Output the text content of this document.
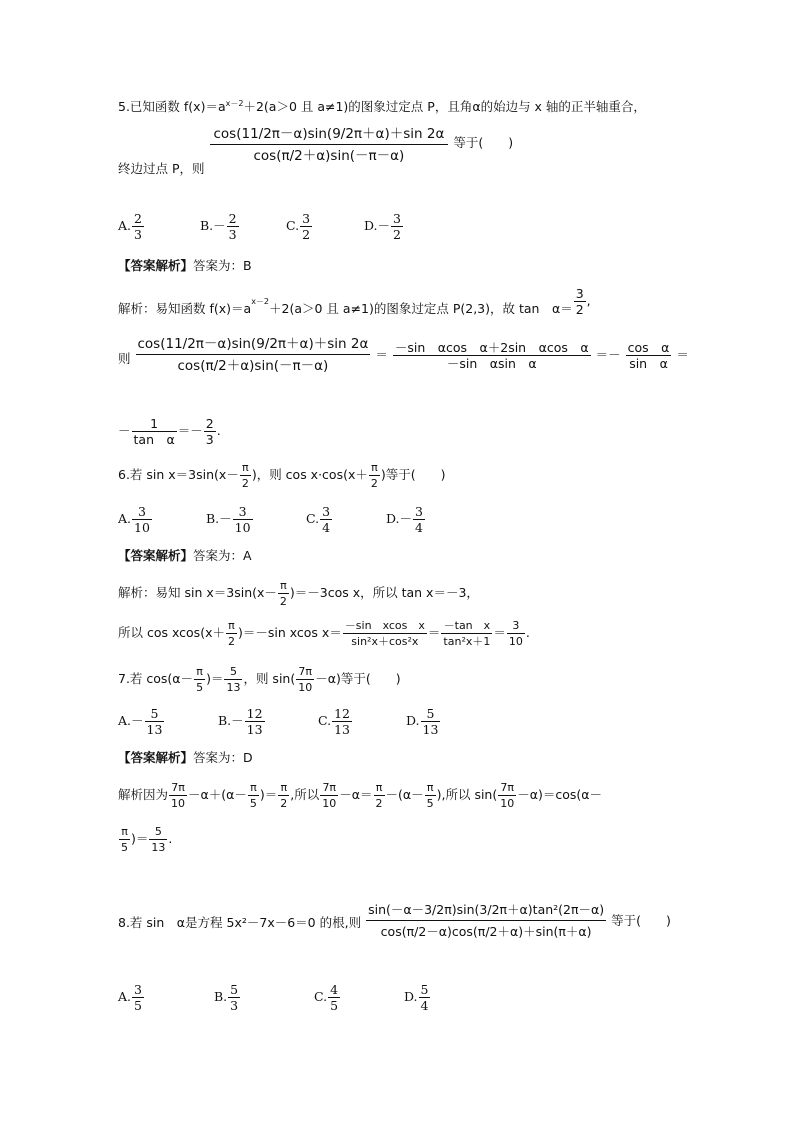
5.已知函数 $f(x)=a^{x-2}+2(a>0$ 且 a≠1)的图象过定点 P，且角α的始边与 x 轴的正半轴重合，
终边过点 P，则
$\frac{\cos(11/2\pi-\alpha)\sin(9/2\pi+\alpha)+\sin 2\alpha}{\cos(\pi/2+\alpha)\sin(-\pi-\alpha)}$ 等于(　　)
A. $\frac{2}{3}$	$B.- \frac{2}{3}$	C. $\frac{3}{2}$	$D.- \frac{3}{2}$
【答案解析】答案为：B
解析：易知函数 $f(x)=a^{x-2}+2(a>0$ 且 a≠1)的图象过定点 P(2,3)，故 tan　$\alpha= \frac{3}{2}$ ,
则 $\frac{\cos(11/2\pi-\alpha)\sin(9/2\pi+\alpha)+\sin 2\alpha}{\cos(\pi/2+\alpha)\sin(-\pi-\alpha)} = \frac{\text{－sin　αcos　α＋2sin　αcos　α}}{\text{－sin　αsin　α}} =- \frac{\text{cos　α}}{\text{sin　α}}$ ＝
－ $\frac{1}{\text{tan　α}} =- \frac{2}{3}$ .
6.若 $\sin x=3\sin(x- \frac{\pi}{2}$ )，则 $\cos x\cdot\cos(x+ \frac{\pi}{2}$ )等于(　　)
A. $\frac{3}{10}$	$B.- \frac{3}{10}$	C. $\frac{3}{4}$	$D.- \frac{3}{4}$
【答案解析】答案为：A
解析：易知 $\sin x=3\sin(x- \frac{\pi}{2} )=-3\cos$ x，所以 tan x＝－3，
所以 $\cos xcos(x+ \frac{\pi}{2} )=-\sin$ xcos $x= \frac{\text{－sin　xcos　x}}{\text{sin²x＋cos²x}} = \frac{\text{－tan　x}}{\text{tan²x＋1}} = \frac{3}{10}$ .
7.若 $\cos(\alpha- \frac{\pi}{5}$ )＝ $\frac{5}{13}$ ，则 $\sin( \frac{7\pi}{10} -\alpha)$等于(　　)
$A.- \frac{5}{13}$	$B.- \frac{12}{13}$	C. $\frac{12}{13}$	D. $\frac{5}{13}$
【答案解析】答案为：D
解析因为 $\frac{7\pi}{10} -\alpha+(\alpha- \frac{\pi}{5}$ )＝ $\frac{\pi}{2}$ ,所以 $\frac{7\pi}{10} -\alpha= \frac{\pi}{2} -(\alpha- \frac{\pi}{5}$ ),所以 $\sin( \frac{7\pi}{10} -\alpha)=\cos(\alpha-$
$\frac{\pi}{5}$ )＝ $\frac{5}{13}$ .
8.若 sin　α是方程 5x²－7x－6＝0 的根,则 $\frac{\text{sin(－α－3/2π)sin(3/2π＋α)tan²(2π－α)}}{\cos(\pi/2-\alpha)\cos(\pi/2+\alpha)+\sin(\pi+\alpha)}$ 等于(　　)
A. $\frac{3}{5}$	B. $\frac{5}{3}$	C. $\frac{4}{5}$	D. $\frac{5}{4}$
